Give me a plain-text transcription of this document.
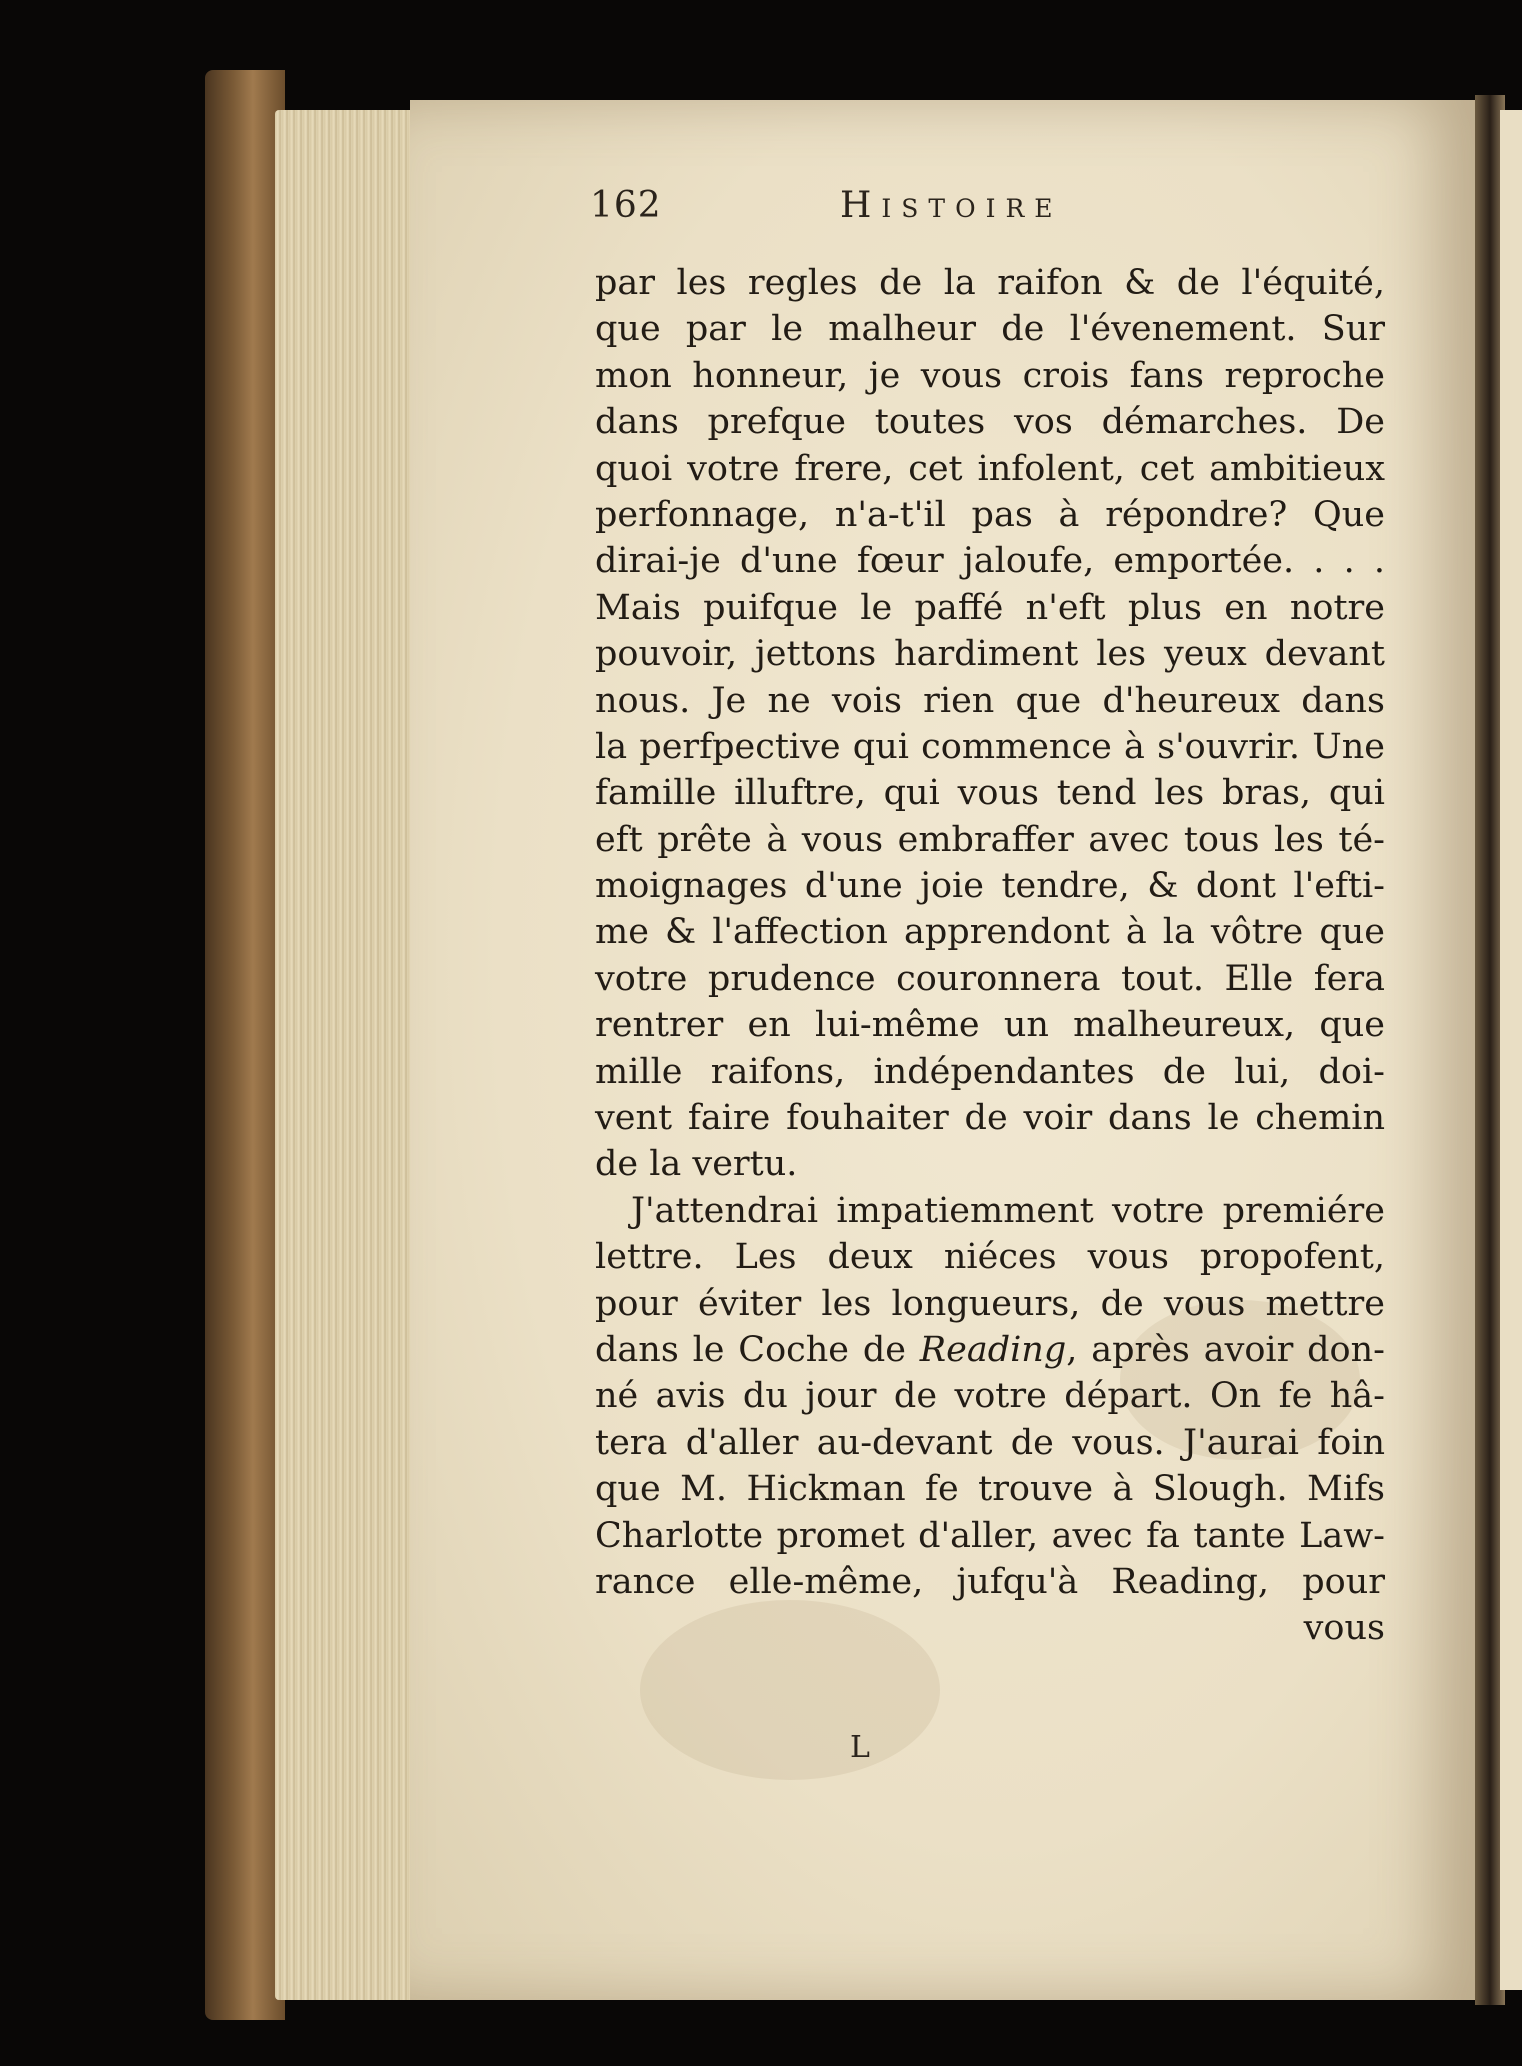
162	Histoire
par les regles de la raifon & de l'équité,
que par le malheur de l'évenement. Sur
mon honneur, je vous crois fans reproche
dans prefque toutes vos démarches. De
quoi votre frere, cet infolent, cet ambitieux
perfonnage, n'a-t'il pas à répondre? Que
dirai-je d'une fœur jaloufe, emportée. . . .
Mais puifque le paffé n'eft plus en notre
pouvoir, jettons hardiment les yeux devant
nous. Je ne vois rien que d'heureux dans
la perfpective qui commence à s'ouvrir. Une
famille illuftre, qui vous tend les bras, qui
eft prête à vous embraffer avec tous les té-
moignages d'une joie tendre, & dont l'efti-
me & l'affection apprendont à la vôtre que
votre prudence couronnera tout. Elle fera
rentrer en lui-même un malheureux, que
mille raifons, indépendantes de lui, doi-
vent faire fouhaiter de voir dans le chemin
de la vertu.
J'attendrai impatiemment votre premiére
lettre. Les deux niéces vous propofent,
pour éviter les longueurs, de vous mettre
dans le Coche de Reading, après avoir don-
né avis du jour de votre départ. On fe hâ-
tera d'aller au-devant de vous. J'aurai foin
que M. Hickman fe trouve à Slough. Mifs
Charlotte promet d'aller, avec fa tante Law-
rance elle-même, jufqu'à Reading, pour
vous
L
